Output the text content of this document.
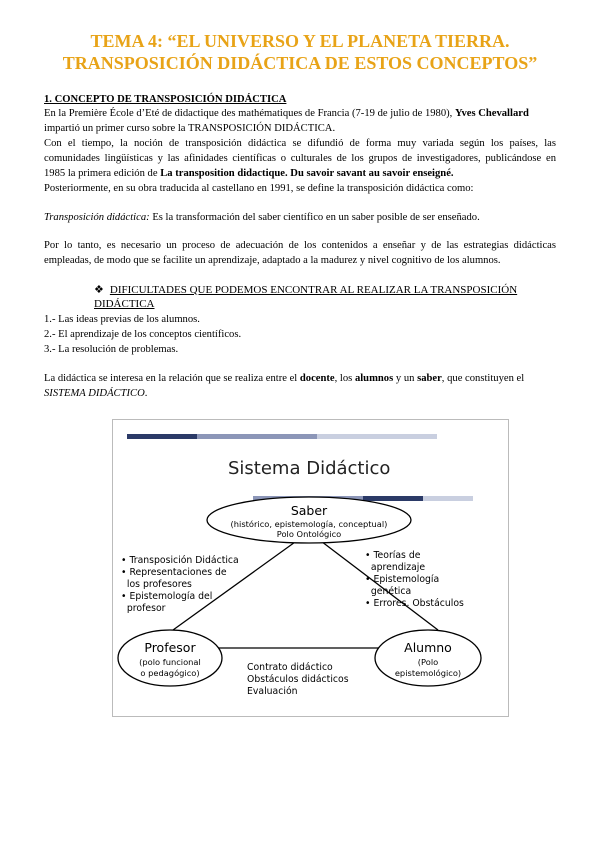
TEMA 4: “EL UNIVERSO Y EL PLANETA TIERRA.
TRANSPOSICIÓN DIDÁCTICA DE ESTOS CONCEPTOS”
1. CONCEPTO DE TRANSPOSICIÓN DIDÁCTICA
En la Première École d’Eté de didactique des mathématiques de Francia (7-19 de julio de 1980), Yves Chevallard
impartió un primer curso sobre la TRANSPOSICIÓN DIDÁCTICA.
Con el tiempo, la noción de transposición didáctica se difundió de forma muy variada según los países, las
comunidades lingüísticas y las afinidades científicas o culturales de los grupos de investigadores, publicándose en
1985 la primera edición de La transposition didactique. Du savoir savant au savoir enseigné.
Posteriormente, en su obra traducida al castellano en 1991, se define la transposición didáctica como:
Transposición didáctica: Es la transformación del saber científico en un saber posible de ser enseñado.
Por lo tanto, es necesario un proceso de adecuación de los contenidos a enseñar y de las estrategias didácticas
empleadas, de modo que se facilite un aprendizaje, adaptado a la madurez y nivel cognitivo de los alumnos.
❖ DIFICULTADES QUE PODEMOS ENCONTRAR AL REALIZAR LA TRANSPOSICIÓN DIDÁCTICA
1.- Las ideas previas de los alumnos.
2.- El aprendizaje de los conceptos científicos.
3.- La resolución de problemas.
La didáctica se interesa en la relación que se realiza entre el docente, los alumnos y un saber, que constituyen el
SISTEMA DIDÁCTICO.
Sistema Didáctico
Saber
(histórico, epistemología, conceptual)
Polo Ontológico
Profesor
(polo funcional
o pedagógico)
Alumno
(Polo
epistemológico)
• Transposición Didáctica
• Representaciones de
los profesores
• Epistemología del
profesor
• Teorías de
aprendizaje
• Epistemología
genética
• Errores. Obstáculos
Contrato didáctico
Obstáculos didácticos
Evaluación
